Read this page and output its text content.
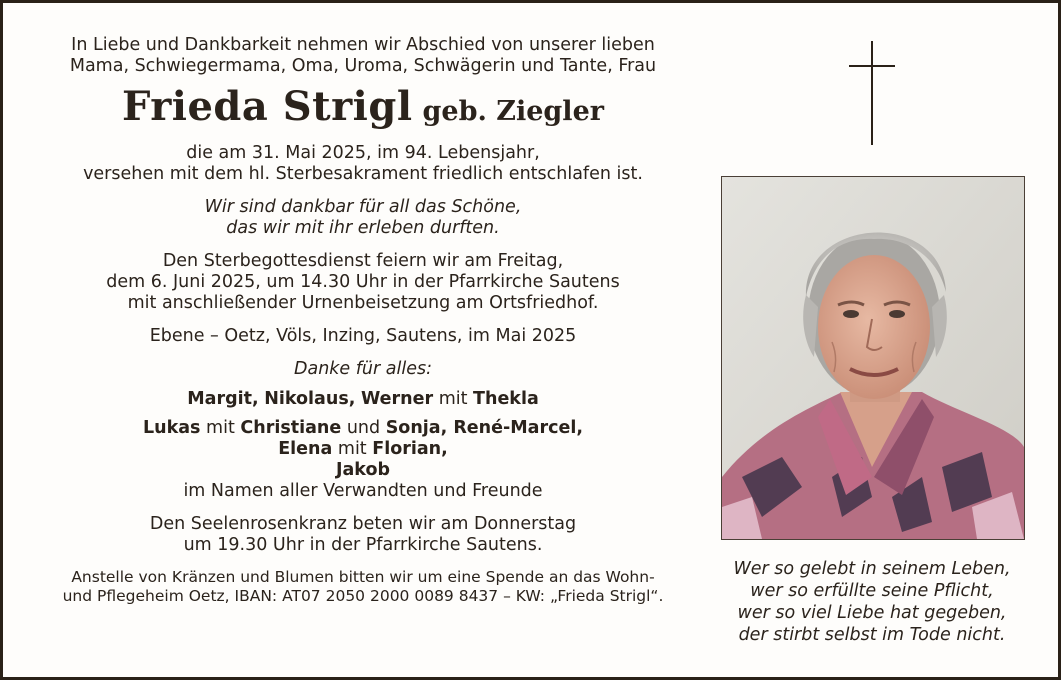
In Liebe und Dankbarkeit nehmen wir Abschied von unserer lieben

Mama, Schwiegermama, Oma, Uroma, Schwägerin und Tante, Frau

Frieda Strigl geb. Ziegler

die am 31. Mai 2025, im 94. Lebensjahr,

versehen mit dem hl. Sterbesakrament friedlich entschlafen ist.

Wir sind dankbar für all das Schöne,

das wir mit ihr erleben durften.

Den Sterbegottesdienst feiern wir am Freitag,

dem 6. Juni 2025, um 14.30 Uhr in der Pfarrkirche Sautens

mit anschließender Urnenbeisetzung am Ortsfriedhof.

Ebene – Oetz, Völs, Inzing, Sautens, im Mai 2025

Danke für alles:

Margit, Nikolaus, Werner mit Thekla

Lukas mit Christiane und Sonja, René-Marcel,

Elena mit Florian,

Jakob

im Namen aller Verwandten und Freunde

Den Seelenrosenkranz beten wir am Donnerstag

um 19.30 Uhr in der Pfarrkirche Sautens.

Anstelle von Kränzen und Blumen bitten wir um eine Spende an das Wohn-

und Pflegeheim Oetz, IBAN: AT07 2050 2000 0089 8437 – KW: „Frieda Strigl“.

Wer so gelebt in seinem Leben,
wer so erfüllte seine Pflicht,
wer so viel Liebe hat gegeben,
der stirbt selbst im Tode nicht.
